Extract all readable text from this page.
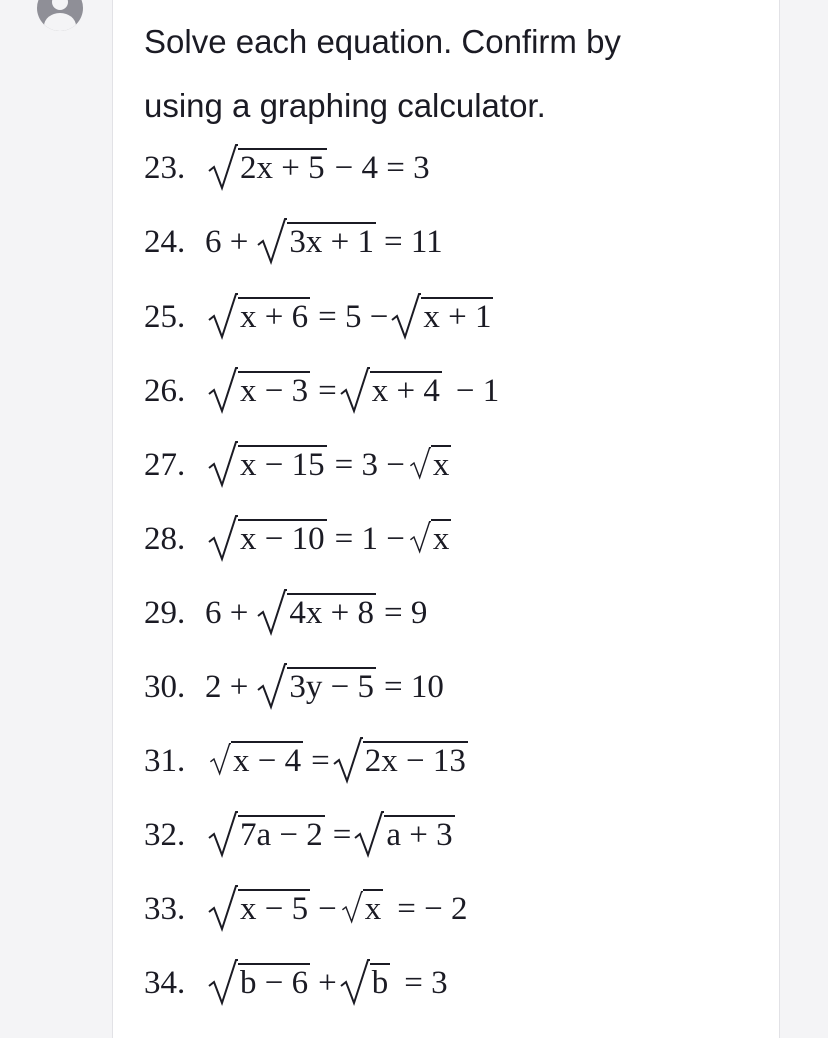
Solve each equation. Confirm by
using a graphing calculator.
23.	2x + 5 − 4 = 3
24. 6 +	3x + 1 = 11
25.	x + 6 = 5 −	x + 1
26.	x − 3 =	x + 4 − 1
27.	x − 15 = 3 − x
28.	x − 10 = 1 − x
29. 6 +	4x + 8 = 9
30. 2 +	3y − 5 = 10
31.	x − 4 =	2x − 13
32.	7a − 2 =	a + 3
33.	x − 5 − x = − 2
34.	b − 6 +	b = 3
